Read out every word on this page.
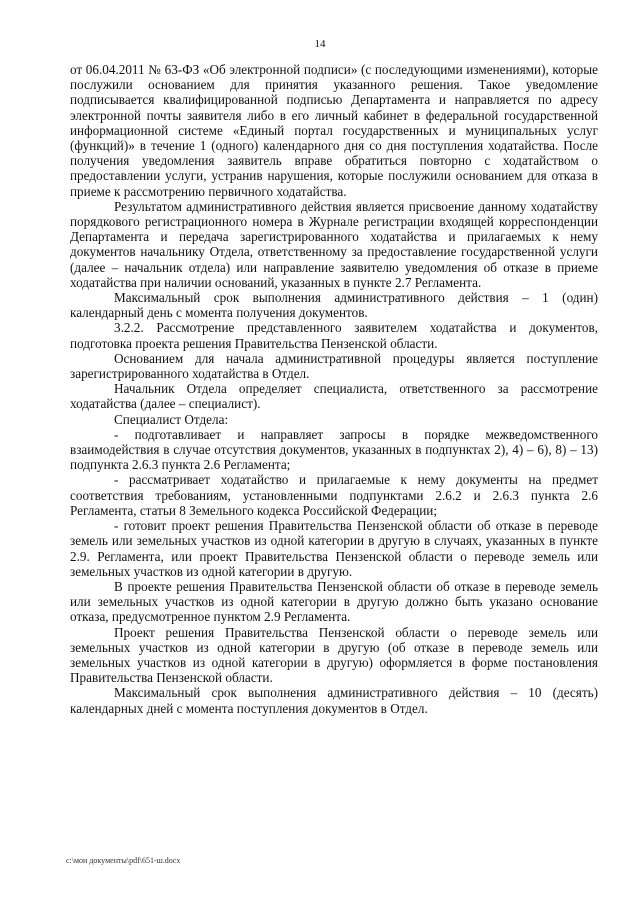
14

от 06.04.2011 № 63-ФЗ «Об электронной подписи» (с последующими изменениями), которые послужили основанием для принятия указанного решения. Такое уведомление подписывается квалифицированной подписью Департамента и направляется по адресу электронной почты заявителя либо в его личный кабинет в федеральной государственной информационной системе «Единый портал государственных и муниципальных услуг (функций)» в течение 1 (одного) календарного дня со дня поступления ходатайства. После получения уведомления заявитель вправе обратиться повторно с ходатайством о предоставлении услуги, устранив нарушения, которые послужили основанием для отказа в приеме к рассмотрению первичного ходатайства.

Результатом административного действия является присвоение данному ходатайству порядкового регистрационного номера в Журнале регистрации входящей корреспонденции Департамента и передача зарегистрированного ходатайства и прилагаемых к нему документов начальнику Отдела, ответственному за предоставление государственной услуги (далее – начальник отдела) или направление заявителю уведомления об отказе в приеме ходатайства при наличии оснований, указанных в пункте 2.7 Регламента.

Максимальный срок выполнения административного действия – 1 (один) календарный день с момента получения документов.

3.2.2. Рассмотрение представленного заявителем ходатайства и документов, подготовка проекта решения Правительства Пензенской области.

Основанием для начала административной процедуры является поступление зарегистрированного ходатайства в Отдел.

Начальник Отдела определяет специалиста, ответственного за рассмотрение ходатайства (далее – специалист).

Специалист Отдела:

- подготавливает и направляет запросы в порядке межведомственного взаимодействия в случае отсутствия документов, указанных в подпунктах 2), 4) – 6), 8) – 13) подпункта 2.6.3 пункта 2.6 Регламента;

- рассматривает ходатайство и прилагаемые к нему документы на предмет соответствия требованиям, установленными подпунктами 2.6.2 и 2.6.3 пункта 2.6 Регламента, статьи 8 Земельного кодекса Российской Федерации;

- готовит проект решения Правительства Пензенской области об отказе в переводе земель или земельных участков из одной категории в другую в случаях, указанных в пункте 2.9. Регламента, или проект Правительства Пензенской области о переводе земель или земельных участков из одной категории в другую.

В проекте решения Правительства Пензенской области об отказе в переводе земель или земельных участков из одной категории в другую должно быть указано основание отказа, предусмотренное пунктом 2.9 Регламента.

Проект решения Правительства Пензенской области о переводе земель или земельных участков из одной категории в другую (об отказе в переводе земель или земельных участков из одной категории в другую) оформляется в форме постановления Правительства Пензенской области.

Максимальный срок выполнения административного действия – 10 (десять) календарных дней с момента поступления документов в Отдел.

c:\мои документы\pdf\651-ш.docx
